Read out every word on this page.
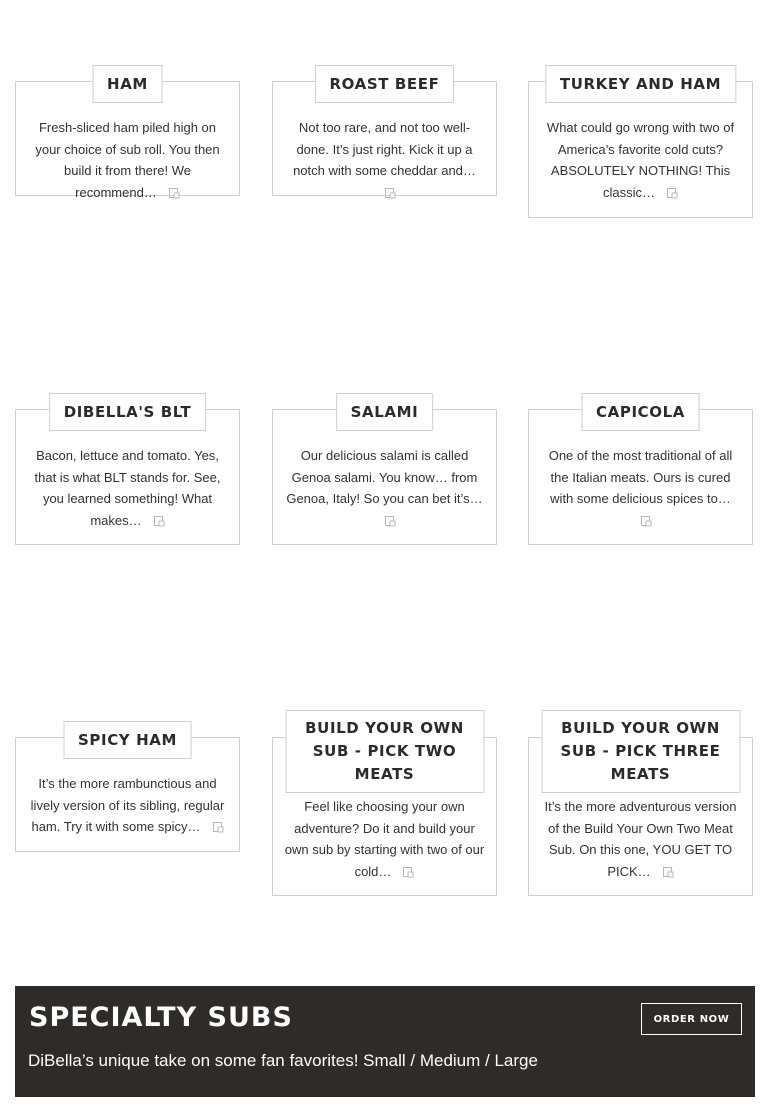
HAM
Fresh-sliced ham piled high on your choice of sub roll. You then build it from there! We recommend…
ROAST BEEF
Not too rare, and not too well-done. It’s just right. Kick it up a notch with some cheddar and…
TURKEY AND HAM
What could go wrong with two of America’s favorite cold cuts? ABSOLUTELY NOTHING! This classic…
DIBELLA'S BLT
Bacon, lettuce and tomato. Yes, that is what BLT stands for. See, you learned something! What makes…
SALAMI
Our delicious salami is called Genoa salami. You know… from Genoa, Italy! So you can bet it’s…
CAPICOLA
One of the most traditional of all the Italian meats. Ours is cured with some delicious spices to…
SPICY HAM
It’s the more rambunctious and lively version of its sibling, regular ham. Try it with some spicy…
BUILD YOUR OWN SUB - PICK TWO MEATS
Feel like choosing your own adventure? Do it and build your own sub by starting with two of our cold…
BUILD YOUR OWN SUB - PICK THREE MEATS
It’s the more adventurous version of the Build Your Own Two Meat Sub. On this one, YOU GET TO PICK…
SPECIALTY SUBS	ORDER NOW
DiBella’s unique take on some fan favorites! Small / Medium / Large
